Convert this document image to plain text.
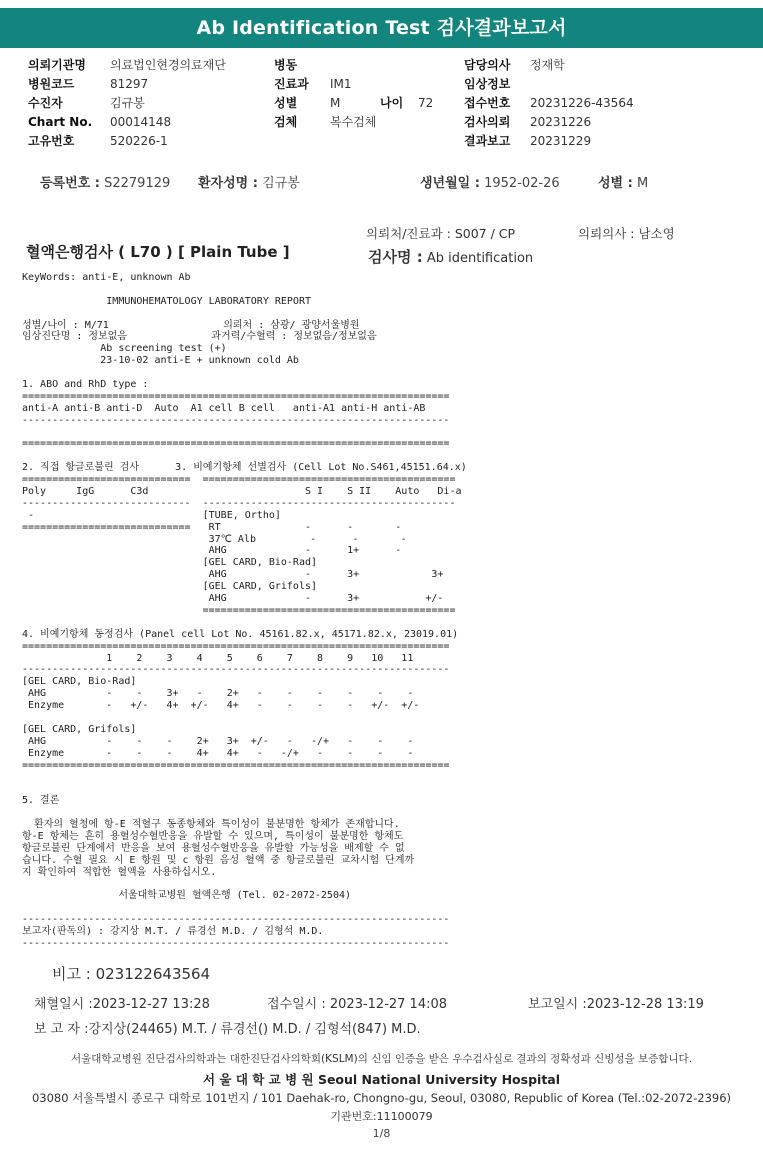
Ab Identification Test 검사결과보고서
의뢰기관명 의료법인현경의료재단
병원코드	81297
수진자	김규봉
Chart No. 00014148
고유번호	520226-1
병동
진료과 IM1
성별	M
검체	복수검체
담당의사 정재학
임상정보
접수번호 20231226-43564
검사의뢰 20231226
결과보고 20231229
나이 72
등록번호 : S2279129 환자성명 : 김규봉	생년월일 : 1952-02-26	성별 : M
의뢰처/진료과 : S007 / CP	의뢰의사 : 남소영
혈액은행검사 ( L70 ) [ Plain Tube ]	검사명 : Ab identification
KeyWords: anti-E, unknown Ab
IMMUNOHEMATOLOGY LABORATORY REPORT
성별/나이 : M/71                   의뢰처 : 삼광/ 광양서울병원
임상진단명 : 정보없음              과거력/수혈력 : 정보없음/정보없음
Ab screening test (+)
23-10-02 anti-E + unknown cold Ab
1. ABO and RhD type :
=======================================================================
anti-A anti-B anti-D  Auto  A1 cell B cell   anti-A1 anti-H anti-AB
-----------------------------------------------------------------------
=======================================================================
2. 직접 항글로불린 검사      3. 비예기항체 선별검사 (Cell Lot No.S461,45151.64.x)
============================  ==========================================
Poly     IgG      C3d                          S I    S II    Auto   Di-a
----------------------------  ------------------------------------------
-                            [TUBE, Ortho]
============================   RT              -      -       -
37℃ Alb         -      -       -
AHG             -      1+      -
[GEL CARD, Bio-Rad]
AHG             -      3+            3+
[GEL CARD, Grifols]
AHG             -      3+           +/-
==========================================
4. 비예기항체 동정검사 (Panel cell Lot No. 45161.82.x, 45171.82.x, 23019.01)
=======================================================================
1    2    3    4    5    6    7    8    9   10   11
-----------------------------------------------------------------------
[GEL CARD, Bio-Rad]
AHG          -    -    3+   -    2+   -    -    -    -    -    -
Enzyme       -   +/-   4+  +/-   4+   -    -    -    -   +/-  +/-
[GEL CARD, Grifols]
AHG          -    -    -    2+   3+  +/-   -   -/+   -    -    -
Enzyme       -    -    -    4+   4+   -   -/+   -    -    -    -
=======================================================================
5. 결론
환자의 혈청에 항-E 적혈구 동종항체와 특이성이 불분명한 항체가 존재합니다.
항-E 항체는 흔히 용혈성수혈반응을 유발할 수 있으며, 특이성이 불분명한 항체도
항글로불린 단계에서 반응을 보여 용혈성수혈반응을 유발할 가능성을 배제할 수 없
습니다. 수혈 필요 시 E 항원 및 c 항원 음성 혈액 중 항글로불린 교차시험 단계까
지 확인하여 적합한 혈액을 사용하십시오.
서울대학교병원 혈액은행 (Tel. 02-2072-2504)
-----------------------------------------------------------------------
보고자(판독의) : 강지상 M.T. / 류경선 M.D. / 김형석 M.D.
-----------------------------------------------------------------------
비고 : 023122643564
채혈일시 :2023-12-27 13:28	접수일시 : 2023-12-27 14:08	보고일시 :2023-12-28 13:19
보 고 자 :강지상(24465) M.T. / 류경선() M.D. / 김형석(847) M.D.
서울대학교병원 진단검사의학과는 대한진단검사의학회(KSLM)의 신임 인증을 받은 우수검사실로 결과의 정확성과 신빙성을 보증합니다.
서 울 대 학 교 병 원 Seoul National University Hospital
03080 서울특별시 종로구 대학로 101번지 / 101 Daehak-ro, Chongno-gu, Seoul, 03080, Republic of Korea (Tel.:02-2072-2396)
기관번호:11100079
1/8
